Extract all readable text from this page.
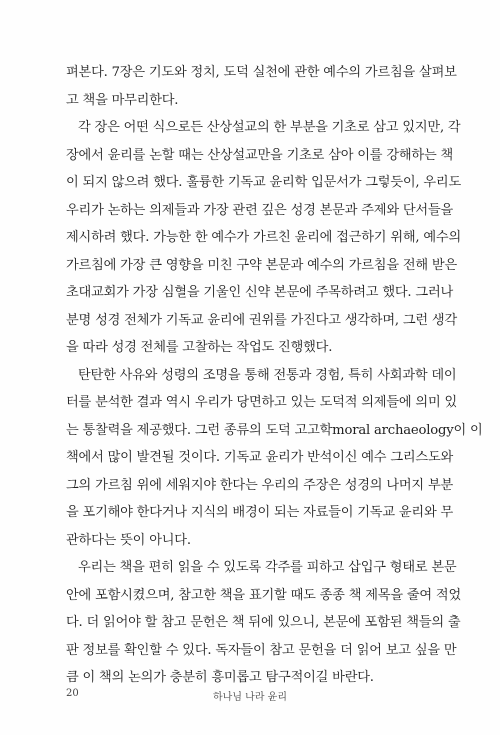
펴본다. 7장은 기도와 정치, 도덕 실천에 관한 예수의 가르침을 살펴보
고 책을 마무리한다.
각 장은 어떤 식으로든 산상설교의 한 부분을 기초로 삼고 있지만, 각
장에서 윤리를 논할 때는 산상설교만을 기초로 삼아 이를 강해하는 책
이 되지 않으려 했다. 훌륭한 기독교 윤리학 입문서가 그렇듯이, 우리도
우리가 논하는 의제들과 가장 관련 깊은 성경 본문과 주제와 단서들을
제시하려 했다. 가능한 한 예수가 가르친 윤리에 접근하기 위해, 예수의
가르침에 가장 큰 영향을 미친 구약 본문과 예수의 가르침을 전해 받은
초대교회가 가장 심혈을 기울인 신약 본문에 주목하려고 했다. 그러나
분명 성경 전체가 기독교 윤리에 권위를 가진다고 생각하며, 그런 생각
을 따라 성경 전체를 고찰하는 작업도 진행했다.
탄탄한 사유와 성령의 조명을 통해 전통과 경험, 특히 사회과학 데이
터를 분석한 결과 역시 우리가 당면하고 있는 도덕적 의제들에 의미 있
는 통찰력을 제공했다. 그런 종류의 도덕 고고학moral archaeology이 이
책에서 많이 발견될 것이다. 기독교 윤리가 반석이신 예수 그리스도와
그의 가르침 위에 세워지야 한다는 우리의 주장은 성경의 나머지 부분
을 포기해야 한다거나 지식의 배경이 되는 자료들이 기독교 윤리와 무
관하다는 뜻이 아니다.
우리는 책을 편히 읽을 수 있도록 각주를 피하고 삽입구 형태로 본문
안에 포함시켰으며, 참고한 책을 표기할 때도 종종 책 제목을 줄여 적었
다. 더 읽어야 할 참고 문헌은 책 뒤에 있으니, 본문에 포함된 책들의 출
판 정보를 확인할 수 있다. 독자들이 참고 문헌을 더 읽어 보고 싶을 만
큼 이 책의 논의가 충분히 흥미롭고 탐구적이길 바란다.
20	하나님 나라 윤리
